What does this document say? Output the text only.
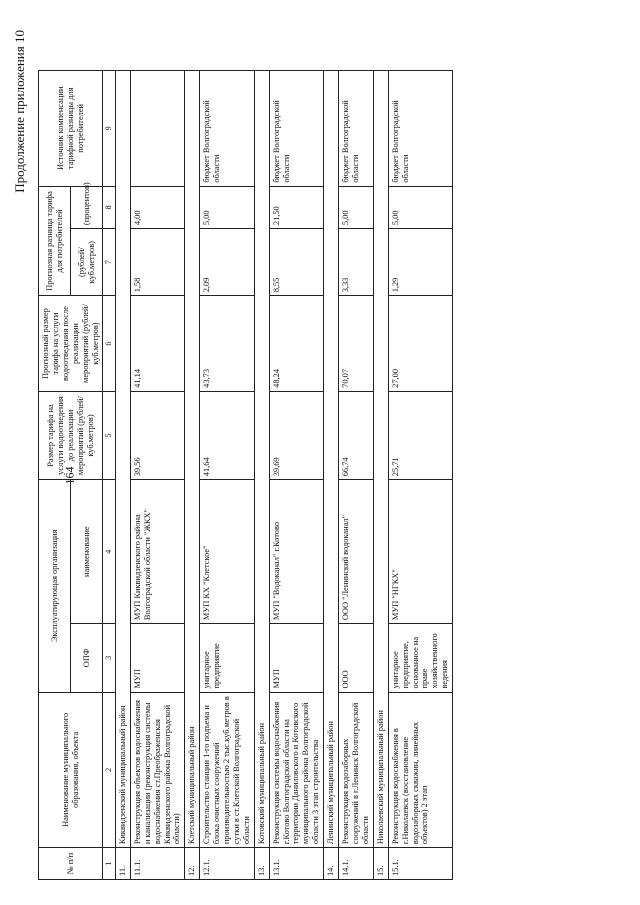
164
Продолжение приложения 10
№ п/п	Наименование муниципального образования, объекта	Эксплуатирующая организация		Размер тарифа на услуги водоотведения до реализации мероприятий (рублей/ куб.метров)	Прогнозный размер тарифа на услуги водоотведения после реализации мероприятий (рублей/ куб.метров)	Прогнозная разница тарифа для потребителей		Источник компенсации тарифной разницы для потребителей
		ОПФ	наименование			(рублей/ куб.метров)	(процентов)	
1	2	3	4	5	6	7	8	9
11.	Киквидзенский муниципальный район							
11.1.	Реконструкция объектов водоснабжения и канализации (реконструкция системы водоснабжения ст.Преображенская Киквидзенского района Волгоградской области)	МУП	МУП Киквидзенского района Волгоградской области "ЖКХ"	39,56	41,14	1,58	4,00	
12.	Клетский муниципальный район							
12.1.	Строительство станции 1-го подъема и блока очистных сооружений производительностью 2 тыс.куб.метров в сутки в ст.Клетской Волгоградской области	унитарное предприятие	МУП КХ "Клетское"	41,64	43,73	2,09	5,00	бюджет Волгоградской области
13.	Котовский муниципальный район							
13.1.	Реконструкция системы водоснабжения г.Котово Волгоградской области на территории Даниловского и Котовского муниципального района Волгоградской области 3 этап строительства	МУП	МУП "Водоканал" г.Котово	39,69	48,24	8,55	21,50	бюджет Волгоградской области
14.	Ленинский муниципальный район							
14.1.	Реконструкция водозаборных сооружений в г.Ленинск Волгоградской области	ООО	ООО "Ленинский водоканал"	66,74	70,07	3,33	5,00	бюджет Волгоградской области
15.	Николаевский муниципальный район							
15.1.	Реконструкция водоснабжения в г.Николаевск (восстановление водозаборных скважин, линейных объектов) 2 этап	унитарное предприятие, основанное на праве хозяйственного ведения	МУП "НГКХ"	25,71	27,00	1,29	5,00	бюджет Волгоградской области
